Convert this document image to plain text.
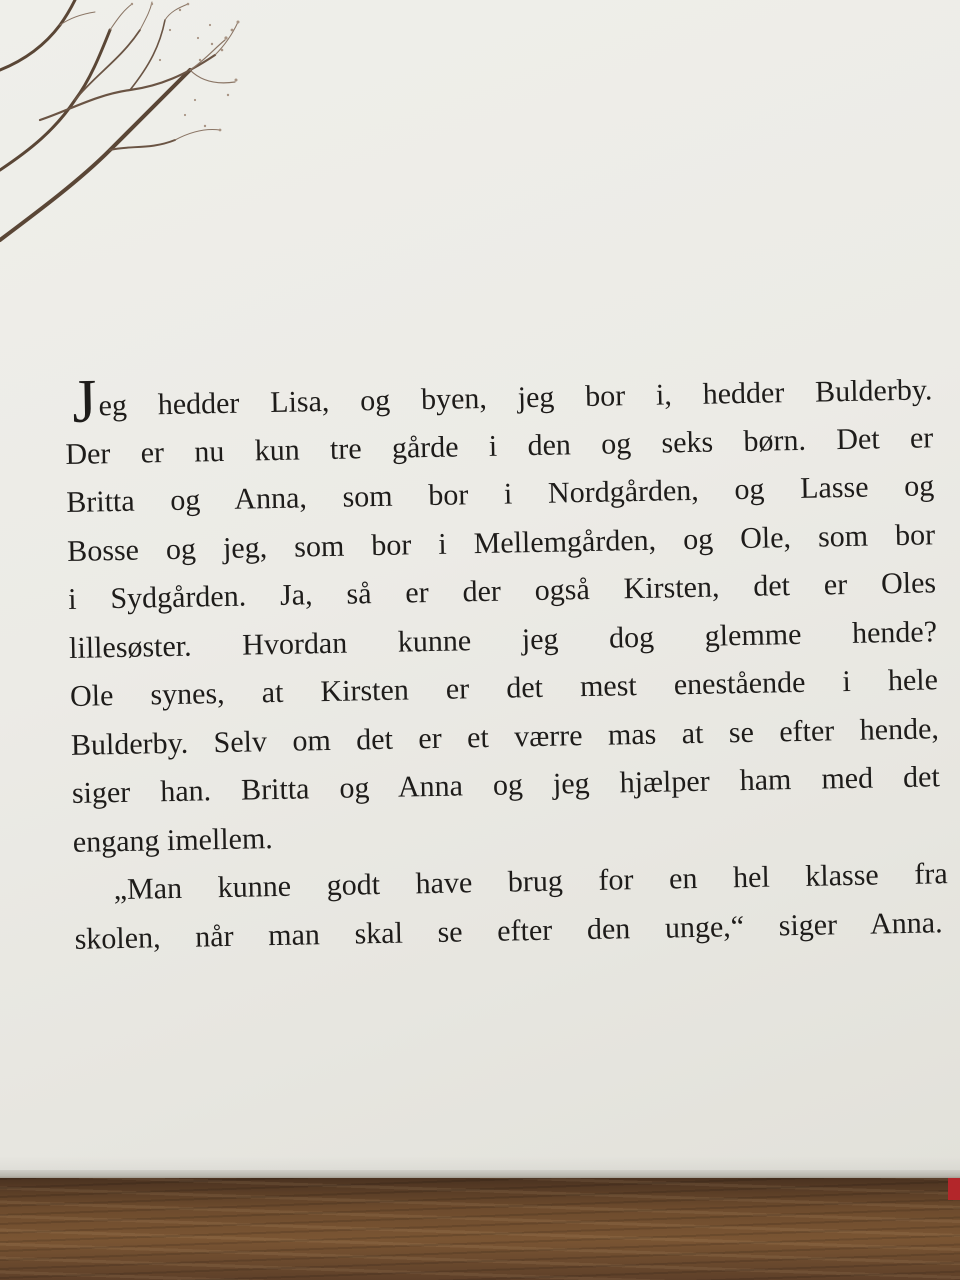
Jeg hedder Lisa, og byen, jeg bor i, hedder Bulderby.
Der er nu kun tre gårde i den og seks børn. Det er
Britta og Anna, som bor i Nordgården, og Lasse og
Bosse og jeg, som bor i Mellemgården, og Ole, som bor
i Sydgården. Ja, så er der også Kirsten, det er Oles
lillesøster. Hvordan kunne jeg dog glemme hende?
Ole synes, at Kirsten er det mest enestående i hele
Bulderby. Selv om det er et værre mas at se efter hende,
siger han. Britta og Anna og jeg hjælper ham med det
engang imellem.
„Man kunne godt have brug for en hel klasse fra
skolen, når man skal se efter den unge,“ siger Anna.
